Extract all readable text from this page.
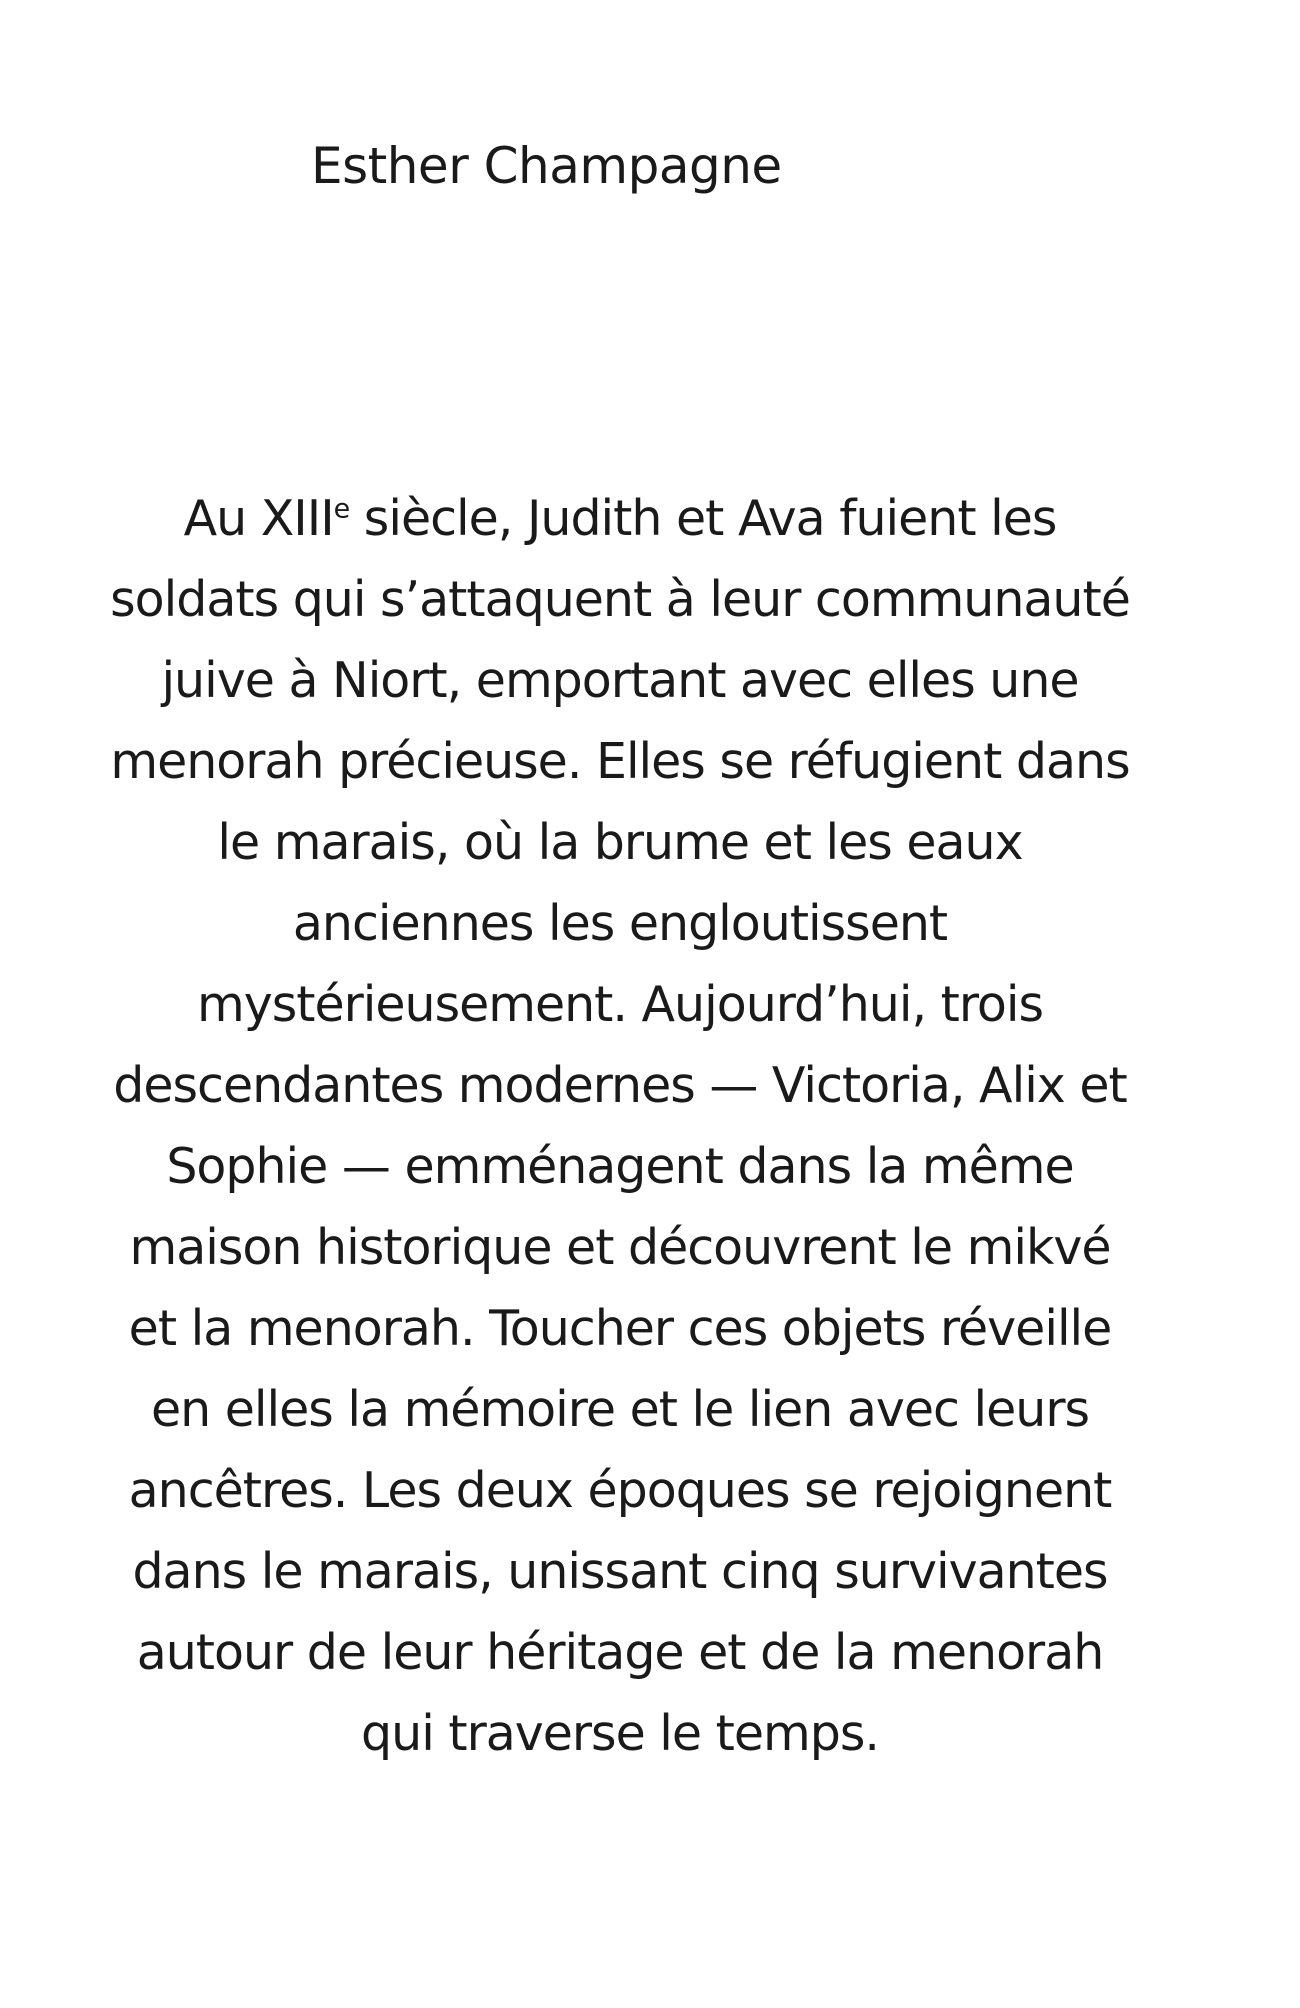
Esther Champagne

Au XIIIe siècle, Judith et Ava fuient les
soldats qui s’attaquent à leur communauté
juive à Niort, emportant avec elles une
menorah précieuse. Elles se réfugient dans
le marais, où la brume et les eaux
anciennes les engloutissent
mystérieusement. Aujourd’hui, trois
descendantes modernes — Victoria, Alix et
Sophie — emménagent dans la même
maison historique et découvrent le mikvé
et la menorah. Toucher ces objets réveille
en elles la mémoire et le lien avec leurs
ancêtres. Les deux époques se rejoignent
dans le marais, unissant cinq survivantes
autour de leur héritage et de la menorah
qui traverse le temps.
